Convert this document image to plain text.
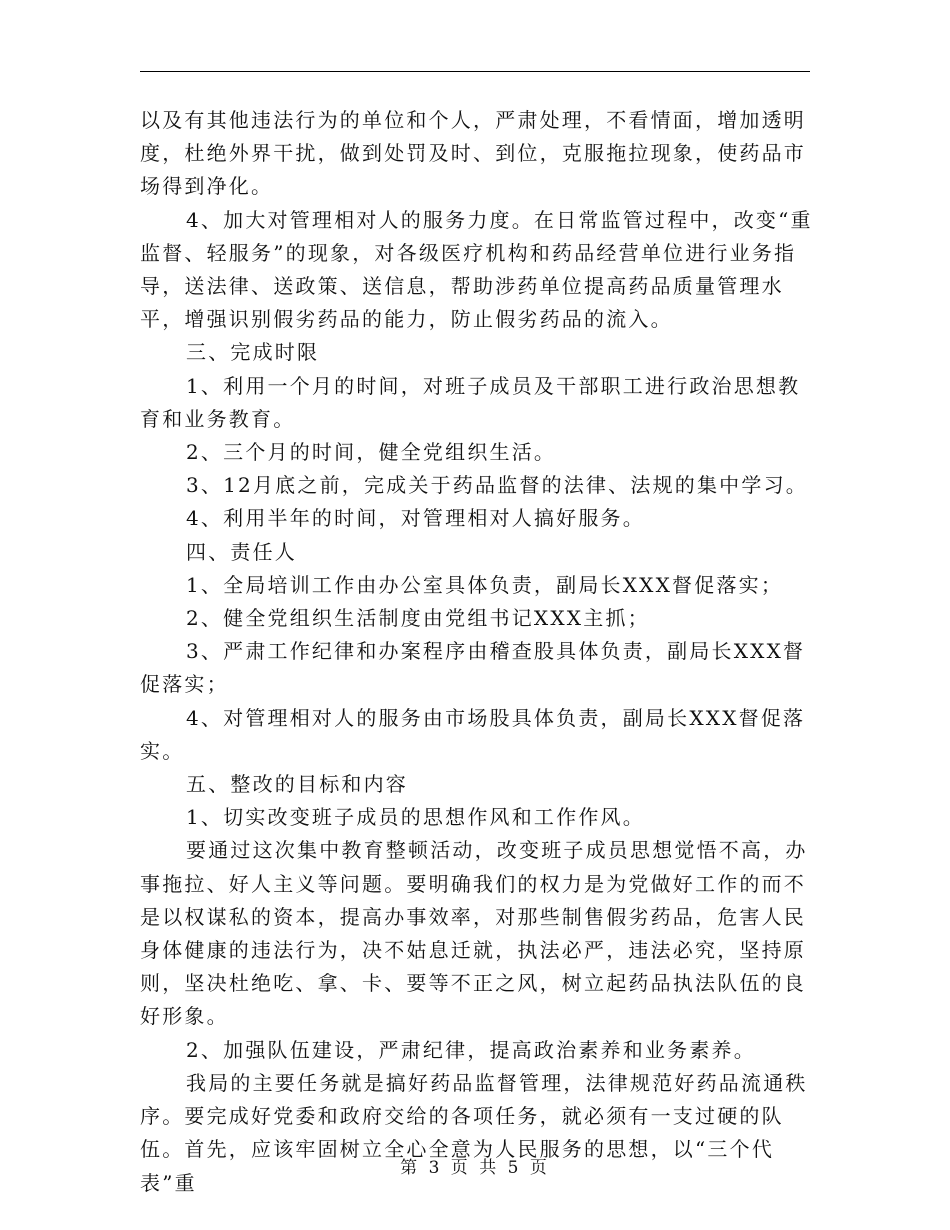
以及有其他违法行为的单位和个人，严肃处理，不看情面，增加透明度，杜绝外界干扰，做到处罚及时、到位，克服拖拉现象，使药品市场得到净化。

4、加大对管理相对人的服务力度。在日常监管过程中，改变“重监督、轻服务”的现象，对各级医疗机构和药品经营单位进行业务指导，送法律、送政策、送信息，帮助涉药单位提高药品质量管理水平，增强识别假劣药品的能力，防止假劣药品的流入。

三、完成时限

1、利用一个月的时间，对班子成员及干部职工进行政治思想教育和业务教育。

2、三个月的时间，健全党组织生活。

3、12月底之前，完成关于药品监督的法律、法规的集中学习。

4、利用半年的时间，对管理相对人搞好服务。

四、责任人

1、全局培训工作由办公室具体负责，副局长XXX督促落实；

2、健全党组织生活制度由党组书记XXX主抓；

3、严肃工作纪律和办案程序由稽查股具体负责，副局长XXX督促落实；

4、对管理相对人的服务由市场股具体负责，副局长XXX督促落实。

五、整改的目标和内容

1、切实改变班子成员的思想作风和工作作风。

要通过这次集中教育整顿活动，改变班子成员思想觉悟不高，办事拖拉、好人主义等问题。要明确我们的权力是为党做好工作的而不是以权谋私的资本，提高办事效率，对那些制售假劣药品，危害人民身体健康的违法行为，决不姑息迁就，执法必严，违法必究，坚持原则，坚决杜绝吃、拿、卡、要等不正之风，树立起药品执法队伍的良好形象。

2、加强队伍建设，严肃纪律，提高政治素养和业务素养。

我局的主要任务就是搞好药品监督管理，法律规范好药品流通秩序。要完成好党委和政府交给的各项任务，就必须有一支过硬的队伍。首先，应该牢固树立全心全意为人民服务的思想，以“三个代表”重

第 3 页 共 5 页
